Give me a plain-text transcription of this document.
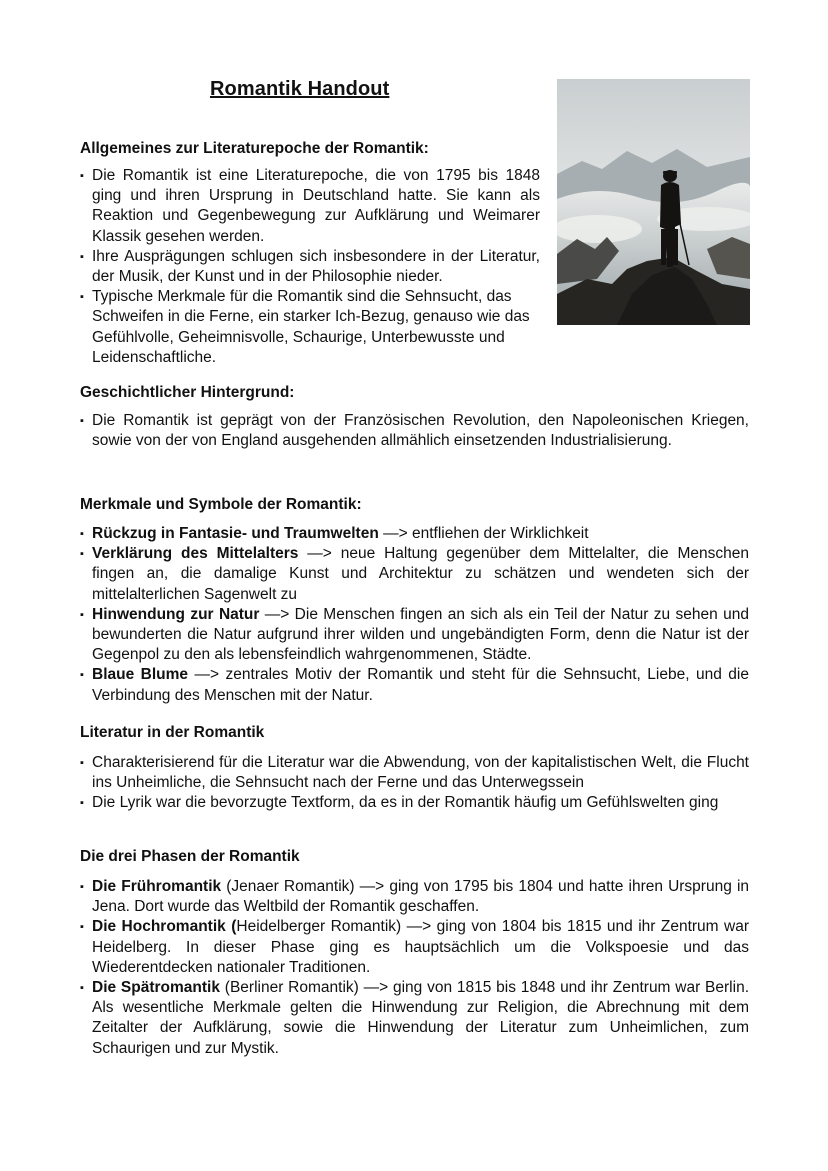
Romantik Handout
Allgemeines zur Literaturepoche der Romantik:
▪ Die Romantik ist eine Literaturepoche, die von 1795 bis 1848 ging und ihren Ursprung in Deutschland hatte. Sie kann als Reaktion und Gegenbewegung zur Aufklärung und Weimarer Klassik gesehen werden.
▪ Ihre Ausprägungen schlugen sich insbesondere in der Literatur, der Musik, der Kunst und in der Philosophie nieder.
▪ Typische Merkmale für die Romantik sind die Sehnsucht, das Schweifen in die Ferne, ein starker Ich-Bezug, genauso wie das Gefühlvolle, Geheimnisvolle, Schaurige, Unterbewusste und Leidenschaftliche.
Geschichtlicher Hintergrund:
▪ Die Romantik ist geprägt von der Französischen Revolution, den Napoleonischen Kriegen, sowie von der von England ausgehenden allmählich einsetzenden Industrialisierung.
Merkmale und Symbole der Romantik:
▪ Rückzug in Fantasie- und Traumwelten —> entfliehen der Wirklichkeit
▪ Verklärung des Mittelalters —> neue Haltung gegenüber dem Mittelalter, die Menschen fingen an, die damalige Kunst und Architektur zu schätzen und wendeten sich der mittelalterlichen Sagenwelt zu
▪ Hinwendung zur Natur —> Die Menschen fingen an sich als ein Teil der Natur zu sehen und bewunderten die Natur aufgrund ihrer wilden und ungebändigten Form, denn die Natur ist der Gegenpol zu den als lebensfeindlich wahrgenommenen, Städte.
▪ Blaue Blume —> zentrales Motiv der Romantik und steht für die Sehnsucht, Liebe, und die Verbindung des Menschen mit der Natur.
Literatur in der Romantik
▪ Charakterisierend für die Literatur war die Abwendung, von der kapitalistischen Welt, die Flucht ins Unheimliche, die Sehnsucht nach der Ferne und das Unterwegssein
▪ Die Lyrik war die bevorzugte Textform, da es in der Romantik häufig um Gefühlswelten ging
Die drei Phasen der Romantik
▪ Die Frühromantik (Jenaer Romantik) —> ging von 1795 bis 1804 und hatte ihren Ursprung in Jena. Dort wurde das Weltbild der Romantik geschaffen.
▪ Die Hochromantik (Heidelberger Romantik) —> ging von 1804 bis 1815 und ihr Zentrum war Heidelberg. In dieser Phase ging es hauptsächlich um die Volkspoesie und das Wiederentdecken nationaler Traditionen.
▪ Die Spätromantik (Berliner Romantik) —> ging von 1815 bis 1848 und ihr Zentrum war Berlin. Als wesentliche Merkmale gelten die Hinwendung zur Religion, die Abrechnung mit dem Zeitalter der Aufklärung, sowie die Hinwendung der Literatur zum Unheimlichen, zum Schaurigen und zur Mystik.
